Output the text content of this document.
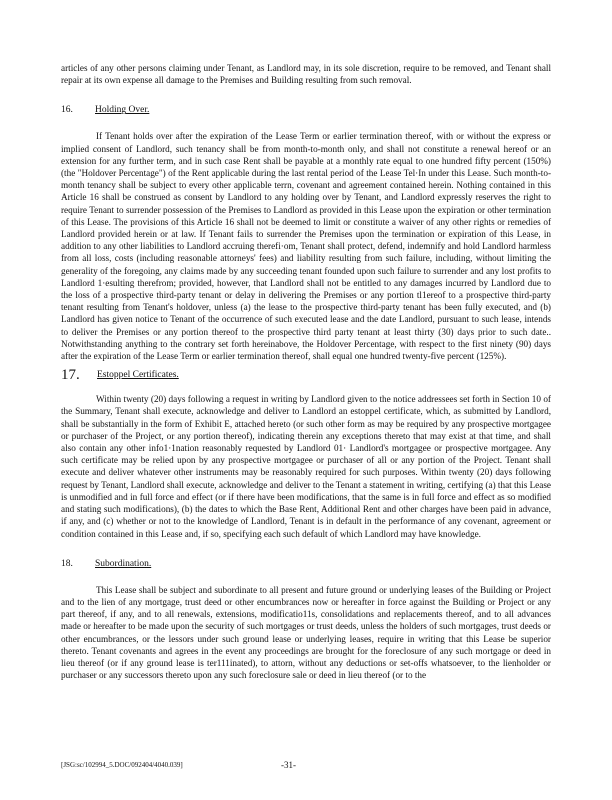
articles of any other persons claiming under Tenant, as Landlord may, in its sole discretion, require to be removed, and Tenant shall repair at its own expense all damage to the Premises and Building resulting from such removal.

16. Holding Over.

If Tenant holds over after the expiration of the Lease Term or earlier termination thereof, with or without the express or implied consent of Landlord, such tenancy shall be from month-to-month only, and shall not constitute a renewal hereof or an extension for any further term, and in such case Rent shall be payable at a monthly rate equal to one hundred fifty percent (150%) (the "Holdover Percentage") of the Rent applicable during the last rental period of the Lease Tel·In under this Lease. Such month-to-month tenancy shall be subject to every other applicable terrn, covenant and agreement contained herein. Nothing contained in this Article 16 shall be construed as consent by Landlord to any holding over by Tenant, and Landlord expressly reserves the right to require Tenant to surrender possession of the Premises to Landlord as provided in this Lease upon the expiration or other termination of this Lease. The provisions of this Article 16 shall not be deemed to limit or constitute a waiver of any other rights or remedies of Landlord provided herein or at law. If Tenant fails to surrender the Premises upon the termination or expiration of this Lease, in addition to any other liabilities to Landlord accruing therefi·om, Tenant shall protect, defend, indemnify and hold Landlord harmless from all loss, costs (including reasonable attorneys' fees) and liability resulting from such failure, including, without limiting the generality of the foregoing, any claims made by any succeeding tenant founded upon such failure to surrender and any lost profits to Landlord 1·esulting therefrom; provided, however, that Landlord shall not be entitled to any damages incurred by Landlord due to the loss of a prospective third-party tenant or delay in delivering the Premises or any portion tl1ereof to a prospective third-party tenant resulting from Tenant's holdover, unless (a) the lease to the prospective third-party tenant has been fully executed, and (b) Landlord has given notice to Tenant of the occurrence of such executed lease and the date Landlord, pursuant to such lease, intends to deliver the Premises or any portion thereof to the prospective third party tenant at least thirty (30) days prior to such date.. Notwithstanding anything to the contrary set forth hereinabove, the Holdover Percentage, with respect to the first ninety (90) days after the expiration of the Lease Term or earlier termination thereof, shall equal one hundred twenty-five percent (125%).

17. Estoppel Certificates.

Within twenty (20) days following a request in writing by Landlord given to the notice addressees set forth in Section 10 of the Summary, Tenant shall execute, acknowledge and deliver to Landlord an estoppel certificate, which, as submitted by Landlord, shall be substantially in the form of Exhibit E, attached hereto (or such other form as may be required by any prospective mortgagee or purchaser of the Project, or any portion thereof), indicating therein any exceptions thereto that may exist at that time, and shall also contain any other info1·1nation reasonably requested by Landlord 01· Landlord's mortgagee or prospective mortgagee. Any such certificate may be relied upon by any prospective mortgagee or purchaser of all or any portion of the Project. Tenant shall execute and deliver whatever other instruments may be reasonably required for such purposes. Within twenty (20) days following request by Tenant, Landlord shall execute, acknowledge and deliver to the Tenant a statement in writing, certifying (a) that this Lease is unmodified and in full force and effect (or if there have been modifications, that the same is in full force and effect as so modified and stating such modifications), (b) the dates to which the Base Rent, Additional Rent and other charges have been paid in advance, if any, and (c) whether or not to the knowledge of Landlord, Tenant is in default in the performance of any covenant, agreement or condition contained in this Lease and, if so, specifying each such default of which Landlord may have knowledge.

18. Subordination.

This Lease shall be subject and subordinate to all present and future ground or underlying leases of the Building or Project and to the lien of any mortgage, trust deed or other encumbrances now or hereafter in force against the Building or Project or any part thereof, if any, and to all renewals, extensions, modificatio11s, consolidations and replacements thereof, and to all advances made or hereafter to be made upon the security of such mortgages or trust deeds, unless the holders of such mortgages, trust deeds or other encumbrances, or the lessors under such ground lease or underlying leases, require in writing that this Lease be superior thereto. Tenant covenants and agrees in the event any proceedings are brought for the foreclosure of any such mortgage or deed in lieu thereof (or if any ground lease is ter111inated), to attorn, without any deductions or set-offs whatsoever, to the lienholder or purchaser or any successors thereto upon any such foreclosure sale or deed in lieu thereof (or to the

[JSG:sc/102994_5.DOC/092404/4040.039]	-31-
